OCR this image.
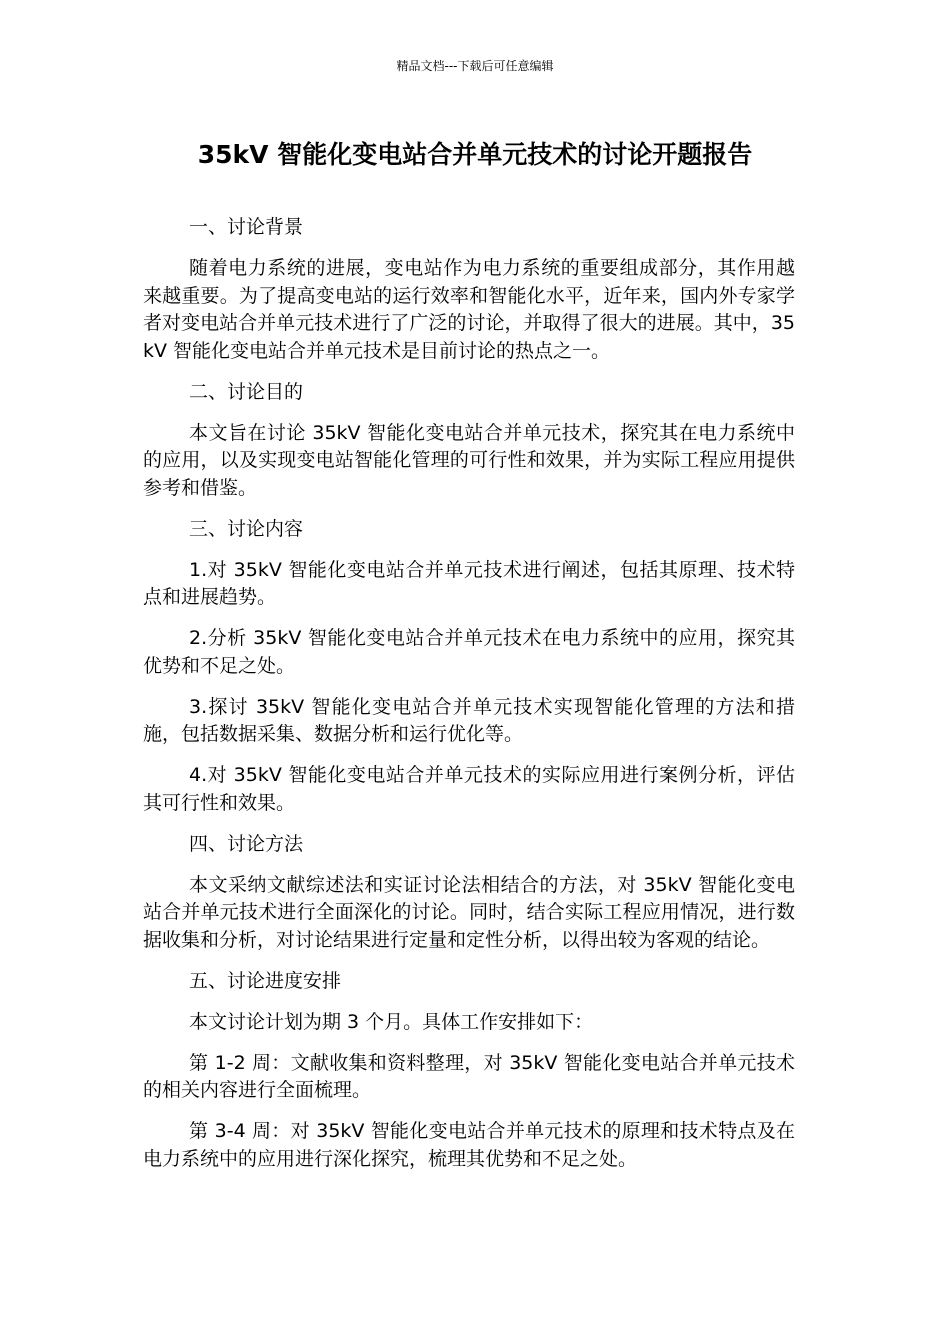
精品文档---下载后可任意编辑
35kV 智能化变电站合并单元技术的讨论开题报告

一、讨论背景

随着电力系统的进展，变电站作为电力系统的重要组成部分，其作用越来越重要。为了提高变电站的运行效率和智能化水平，近年来，国内外专家学者对变电站合并单元技术进行了广泛的讨论，并取得了很大的进展。其中，35kV 智能化变电站合并单元技术是目前讨论的热点之一。

二、讨论目的

本文旨在讨论 35kV 智能化变电站合并单元技术，探究其在电力系统中的应用，以及实现变电站智能化管理的可行性和效果，并为实际工程应用提供参考和借鉴。

三、讨论内容

1.对 35kV 智能化变电站合并单元技术进行阐述，包括其原理、技术特点和进展趋势。

2.分析 35kV 智能化变电站合并单元技术在电力系统中的应用，探究其优势和不足之处。

3.探讨 35kV 智能化变电站合并单元技术实现智能化管理的方法和措施，包括数据采集、数据分析和运行优化等。

4.对 35kV 智能化变电站合并单元技术的实际应用进行案例分析，评估其可行性和效果。

四、讨论方法

本文采纳文献综述法和实证讨论法相结合的方法，对 35kV 智能化变电站合并单元技术进行全面深化的讨论。同时，结合实际工程应用情况，进行数据收集和分析，对讨论结果进行定量和定性分析，以得出较为客观的结论。

五、讨论进度安排

本文讨论计划为期 3 个月。具体工作安排如下：

第 1-2 周：文献收集和资料整理，对 35kV 智能化变电站合并单元技术的相关内容进行全面梳理。

第 3-4 周：对 35kV 智能化变电站合并单元技术的原理和技术特点及在电力系统中的应用进行深化探究，梳理其优势和不足之处。
